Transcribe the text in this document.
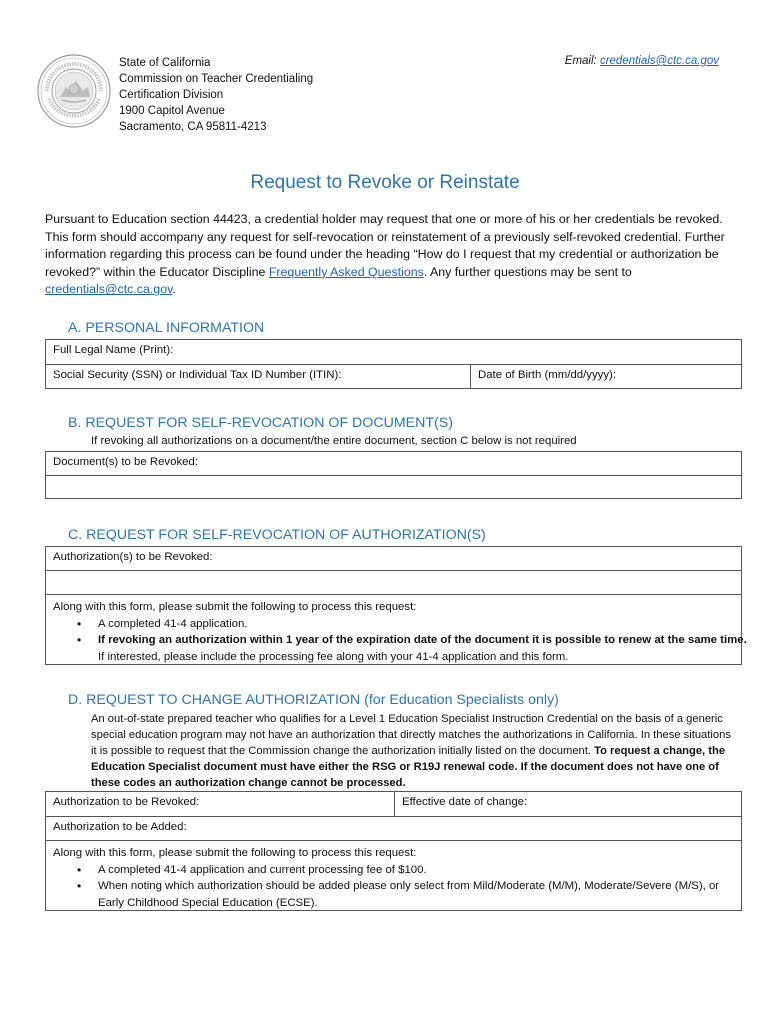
State of California
Commission on Teacher Credentialing
Certification Division
1900 Capitol Avenue
Sacramento, CA 95811-4213
Email: credentials@ctc.ca.gov
Request to Revoke or Reinstate
Pursuant to Education section 44423, a credential holder may request that one or more of his or her credentials be revoked. This form should accompany any request for self-revocation or reinstatement of a previously self-revoked credential. Further information regarding this process can be found under the heading “How do I request that my credential or authorization be revoked?” within the Educator Discipline Frequently Asked Questions. Any further questions may be sent to credentials@ctc.ca.gov.
A. PERSONAL INFORMATION
Full Legal Name (Print):
Social Security (SSN) or Individual Tax ID Number (ITIN):	Date of Birth (mm/dd/yyyy):
B. REQUEST FOR SELF-REVOCATION OF DOCUMENT(S)
If revoking all authorizations on a document/the entire document, section C below is not required
Document(s) to be Revoked:
C. REQUEST FOR SELF-REVOCATION OF AUTHORIZATION(S)
Authorization(s) to be Revoked:
Along with this form, please submit the following to process this request:
• A completed 41-4 application.
• If revoking an authorization within 1 year of the expiration date of the document it is possible to renew at the same time.
If interested, please include the processing fee along with your 41-4 application and this form.
D. REQUEST TO CHANGE AUTHORIZATION (for Education Specialists only)
An out-of-state prepared teacher who qualifies for a Level 1 Education Specialist Instruction Credential on the basis of a generic special education program may not have an authorization that directly matches the authorizations in California. In these situations it is possible to request that the Commission change the authorization initially listed on the document. To request a change, the Education Specialist document must have either the RSG or R19J renewal code. If the document does not have one of these codes an authorization change cannot be processed.
Authorization to be Revoked:	Effective date of change:
Authorization to be Added:
Along with this form, please submit the following to process this request:
• A completed 41-4 application and current processing fee of $100.
• When noting which authorization should be added please only select from Mild/Moderate (M/M), Moderate/Severe (M/S), or Early Childhood Special Education (ECSE).
